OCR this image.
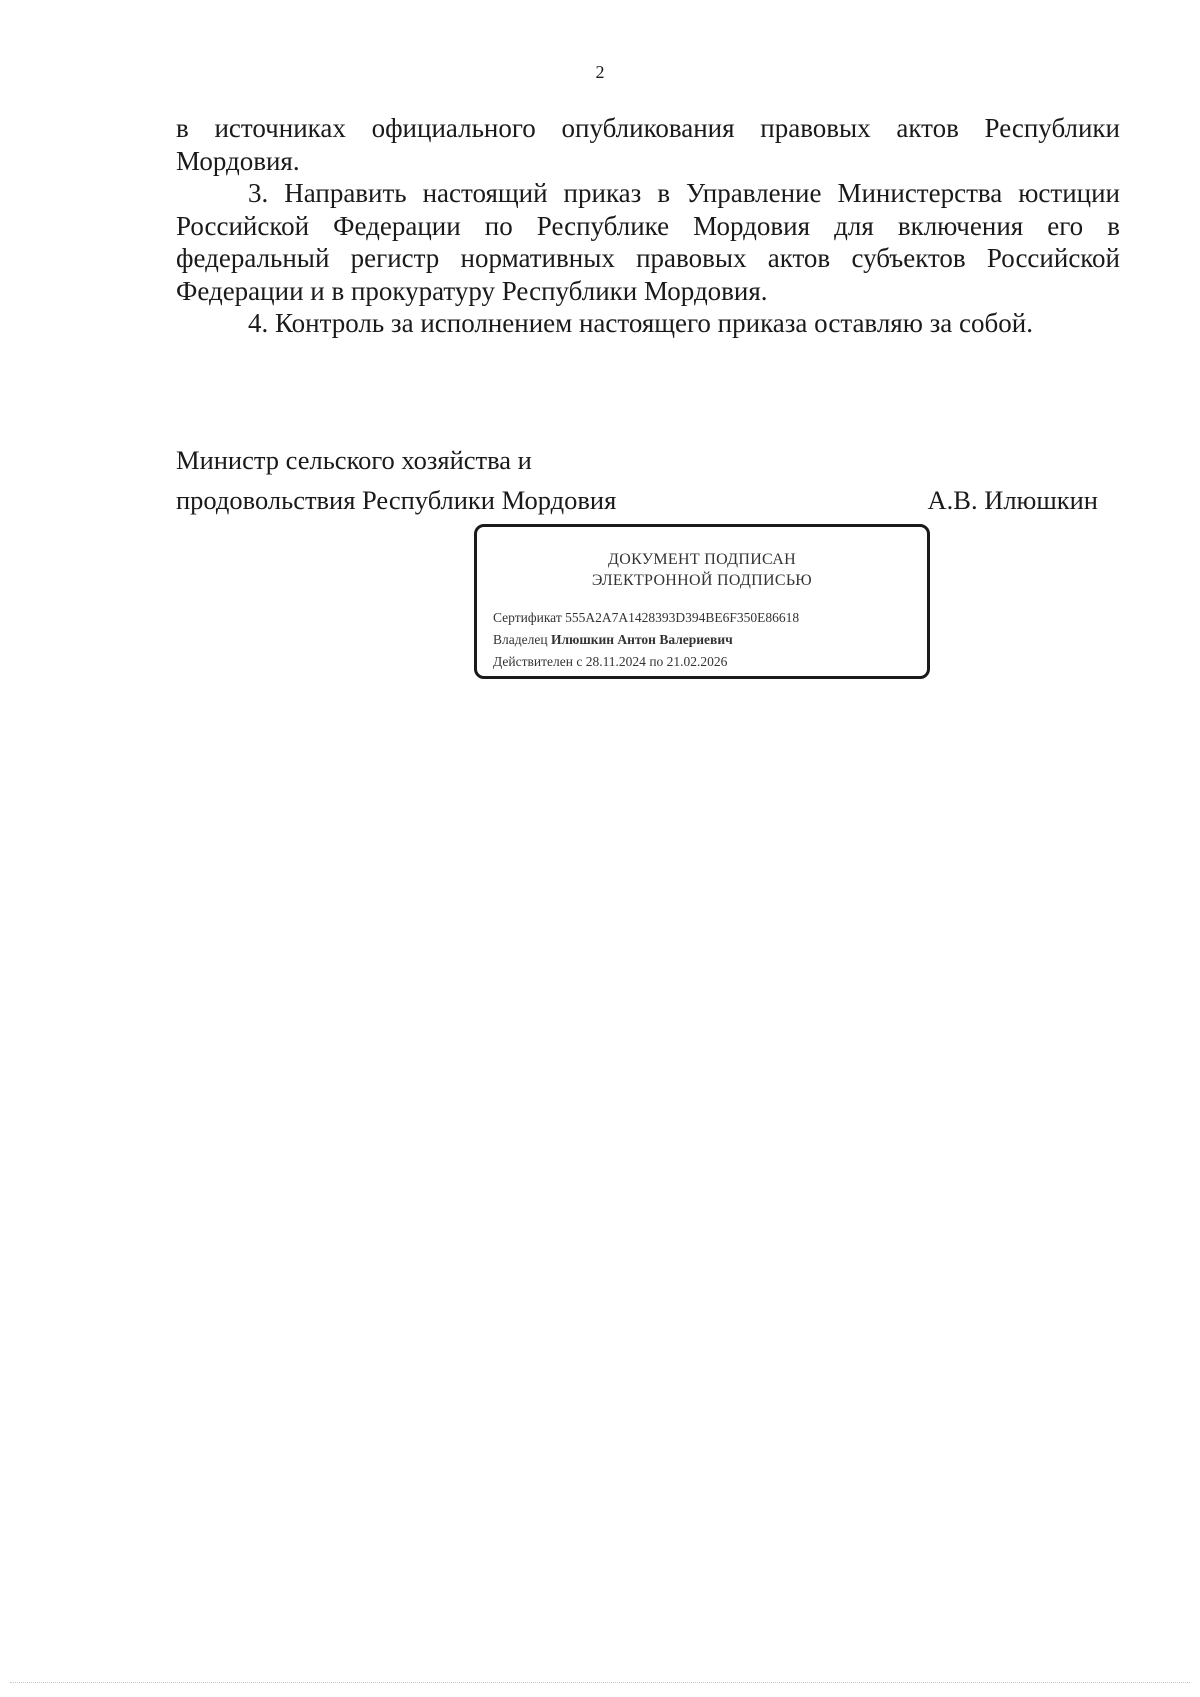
2

в источниках официального опубликования правовых актов Республики Мордовия.

3. Направить настоящий приказ в Управление Министерства юстиции Российской Федерации по Республике Мордовия для включения его в федеральный регистр нормативных правовых актов субъектов Российской Федерации и в прокуратуру Республики Мордовия.

4. Контроль за исполнением настоящего приказа оставляю за собой.

Министр сельского хозяйства и
продовольствия Республики Мордовия	А.В. Илюшкин
ДОКУМЕНТ ПОДПИСАН
ЭЛЕКТРОННОЙ ПОДПИСЬЮ
Сертификат 555A2A7A1428393D394BE6F350E86618
Владелец Илюшкин Антон Валериевич
Действителен с 28.11.2024 по 21.02.2026
